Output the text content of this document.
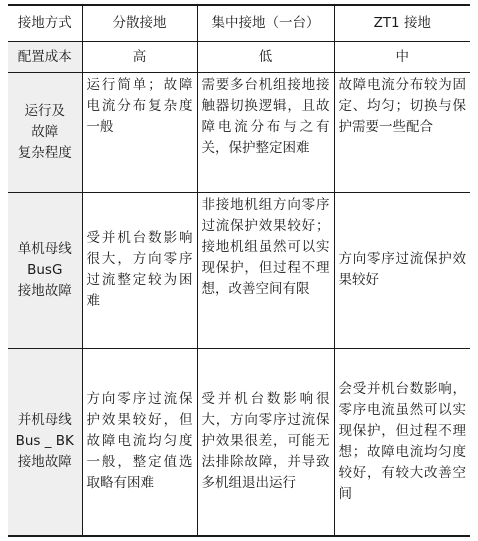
接地方式	分散接地	集中接地（一台）	ZT1 接地

配置成本	高	低	中

运行及
故障
复杂程度	运行简单；故障电流分布复杂度一般	需要多台机组接地接触器切换逻辑，且故障电流分布与之有关，保护整定困难	故障电流分布较为固定、均匀；切换与保护需要一些配合

单机母线
BusG
接地故障	受并机台数影响很大，方向零序过流整定较为困难	非接地机组方向零序过流保护效果较好；接地机组虽然可以实现保护，但过程不理想，改善空间有限	方向零序过流保护效果较好

并机母线
Bus _ BK
接地故障	方向零序过流保护效果较好，但故障电流均匀度一般，整定值选取略有困难	受并机台数影响很大，方向零序过流保护效果很差，可能无法排除故障，并导致多机组退出运行	会受并机台数影响，零序电流虽然可以实现保护，但过程不理想；故障电流均匀度较好，有较大改善空间
